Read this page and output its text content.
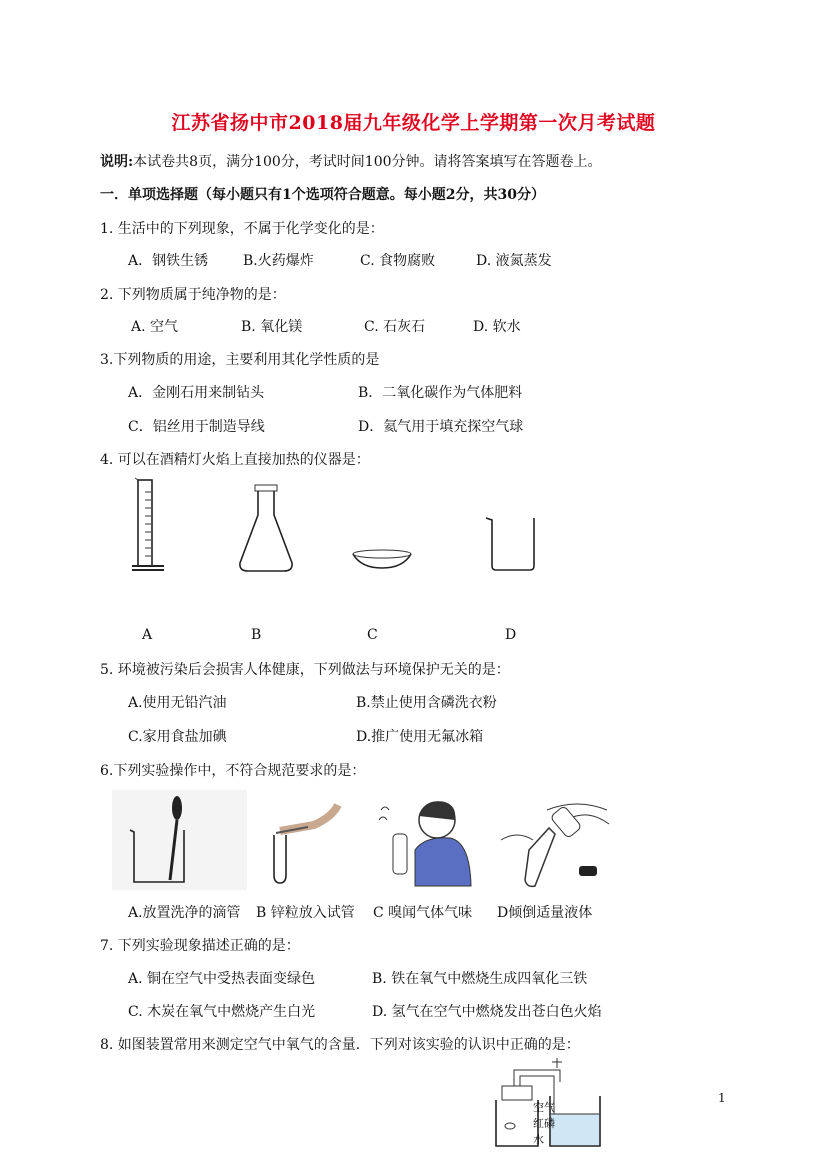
江苏省扬中市2018届九年级化学上学期第一次月考试题
说明:本试卷共8页，满分100分，考试时间100分钟。请将答案填写在答题卷上。
一．单项选择题（每小题只有1个选项符合题意。每小题2分，共30分）
1. 生活中的下列现象，不属于化学变化的是：
A．钢铁生锈 B.火药爆炸	C. 食物腐败	D. 液氮蒸发
2. 下列物质属于纯净物的是：
A. 空气	B. 氧化镁	C. 石灰石	D. 软水
3.下列物质的用途，主要利用其化学性质的是
A．金刚石用来制钻头	B．二氧化碳作为气体肥料
C．铝丝用于制造导线	D．氦气用于填充探空气球
4. 可以在酒精灯火焰上直接加热的仪器是：
A	B	C	D
5. 环境被污染后会损害人体健康，下列做法与环境保护无关的是：
A.使用无铅汽油	B.禁止使用含磷洗衣粉
C.家用食盐加碘	D.推广使用无氟冰箱
6.下列实验操作中，不符合规范要求的是：
A.放置洗净的滴管 B 锌粒放入试管 C 嗅闻气体气味 D倾倒适量液体
7. 下列实验现象描述正确的是：
A. 铜在空气中受热表面变绿色	B. 铁在氧气中燃烧生成四氧化三铁
C. 木炭在氧气中燃烧产生白光	D. 氢气在空气中燃烧发出苍白色火焰
8. 如图装置常用来测定空气中氧气的含量．下列对该实验的认识中正确的是：
空气
红磷
水
1
